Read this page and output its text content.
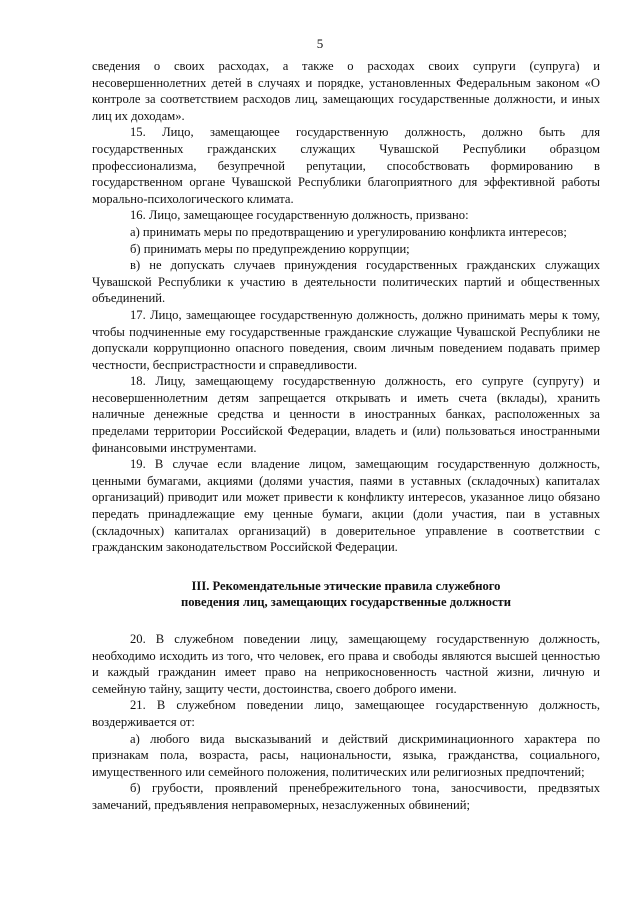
5

сведения о своих расходах, а также о расходах своих супруги (супруга) и несовершеннолетних детей в случаях и порядке, установленных Федеральным законом «О контроле за соответствием расходов лиц, замещающих государственные должности, и иных лиц их доходам».

15. Лицо, замещающее государственную должность, должно быть для государственных гражданских служащих Чувашской Республики образцом профессионализма, безупречной репутации, способствовать формированию в государственном органе Чувашской Республики благоприятного для эффективной работы морально-психологического климата.

16. Лицо, замещающее государственную должность, призвано:

а) принимать меры по предотвращению и урегулированию конфликта интересов;

б) принимать меры по предупреждению коррупции;

в) не допускать случаев принуждения государственных гражданских служащих Чувашской Республики к участию в деятельности политических партий и общественных объединений.

17. Лицо, замещающее государственную должность, должно принимать меры к тому, чтобы подчиненные ему государственные гражданские служащие Чувашской Республики не допускали коррупционно опасного поведения, своим личным поведением подавать пример честности, беспристрастности и справедливости.

18. Лицу, замещающему государственную должность, его супруге (супругу) и несовершеннолетним детям запрещается открывать и иметь счета (вклады), хранить наличные денежные средства и ценности в иностранных банках, расположенных за пределами территории Российской Федерации, владеть и (или) пользоваться иностранными финансовыми инструментами.

19. В случае если владение лицом, замещающим государственную должность, ценными бумагами, акциями (долями участия, паями в уставных (складочных) капиталах организаций) приводит или может привести к конфликту интересов, указанное лицо обязано передать принадлежащие ему ценные бумаги, акции (доли участия, паи в уставных (складочных) капиталах организаций) в доверительное управление в соответствии с гражданским законодательством Российской Федерации.

III. Рекомендательные этические правила служебного
поведения лиц, замещающих государственные должности

20. В служебном поведении лицу, замещающему государственную должность, необходимо исходить из того, что человек, его права и свободы являются высшей ценностью и каждый гражданин имеет право на неприкосновенность частной жизни, личную и семейную тайну, защиту чести, достоинства, своего доброго имени.

21. В служебном поведении лицо, замещающее государственную должность, воздерживается от:

а) любого вида высказываний и действий дискриминационного характера по признакам пола, возраста, расы, национальности, языка, гражданства, социального, имущественного или семейного положения, политических или религиозных предпочтений;

б) грубости, проявлений пренебрежительного тона, заносчивости, предвзятых замечаний, предъявления неправомерных, незаслуженных обвинений;
